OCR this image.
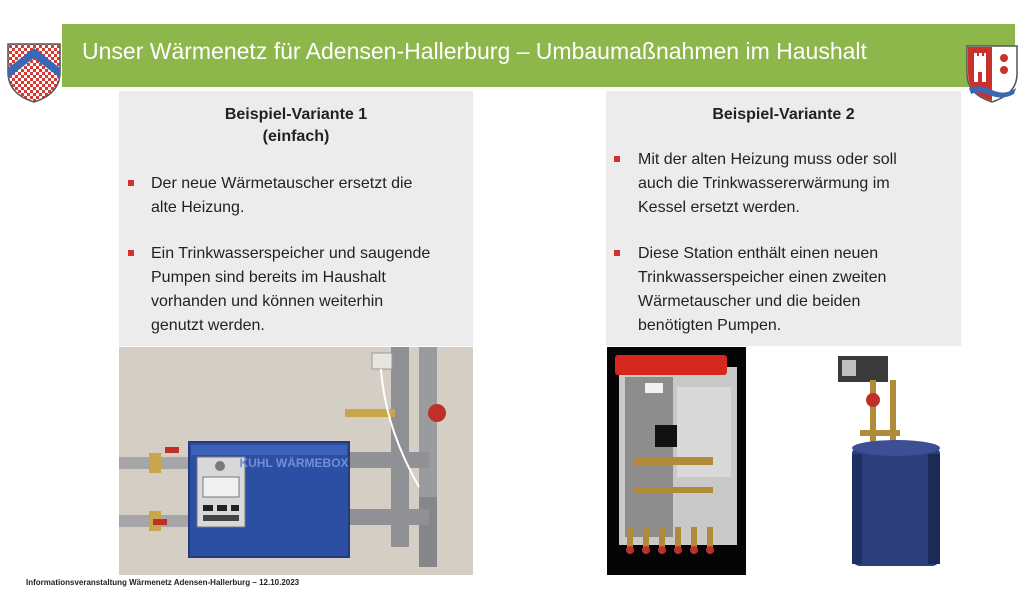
Unser Wärmenetz für Adensen-Hallerburg – Umbaumaßnahmen im Haushalt
Beispiel-Variante 1
(einfach)
Der neue Wärmetauscher ersetzt die
alte Heizung.
Ein Trinkwasserspeicher und saugende
Pumpen sind bereits im Haushalt
vorhanden und können weiterhin
genutzt werden.
Beispiel-Variante 2
Mit der alten Heizung muss oder soll
auch die Trinkwassererwärmung im
Kessel ersetzt werden.
Diese Station enthält einen neuen
Trinkwasserspeicher einen zweiten
Wärmetauscher und die beiden
benötigten Pumpen.
KUHL WÄRMEBOX
Informationsveranstaltung Wärmenetz Adensen-Hallerburg – 12.10.2023
